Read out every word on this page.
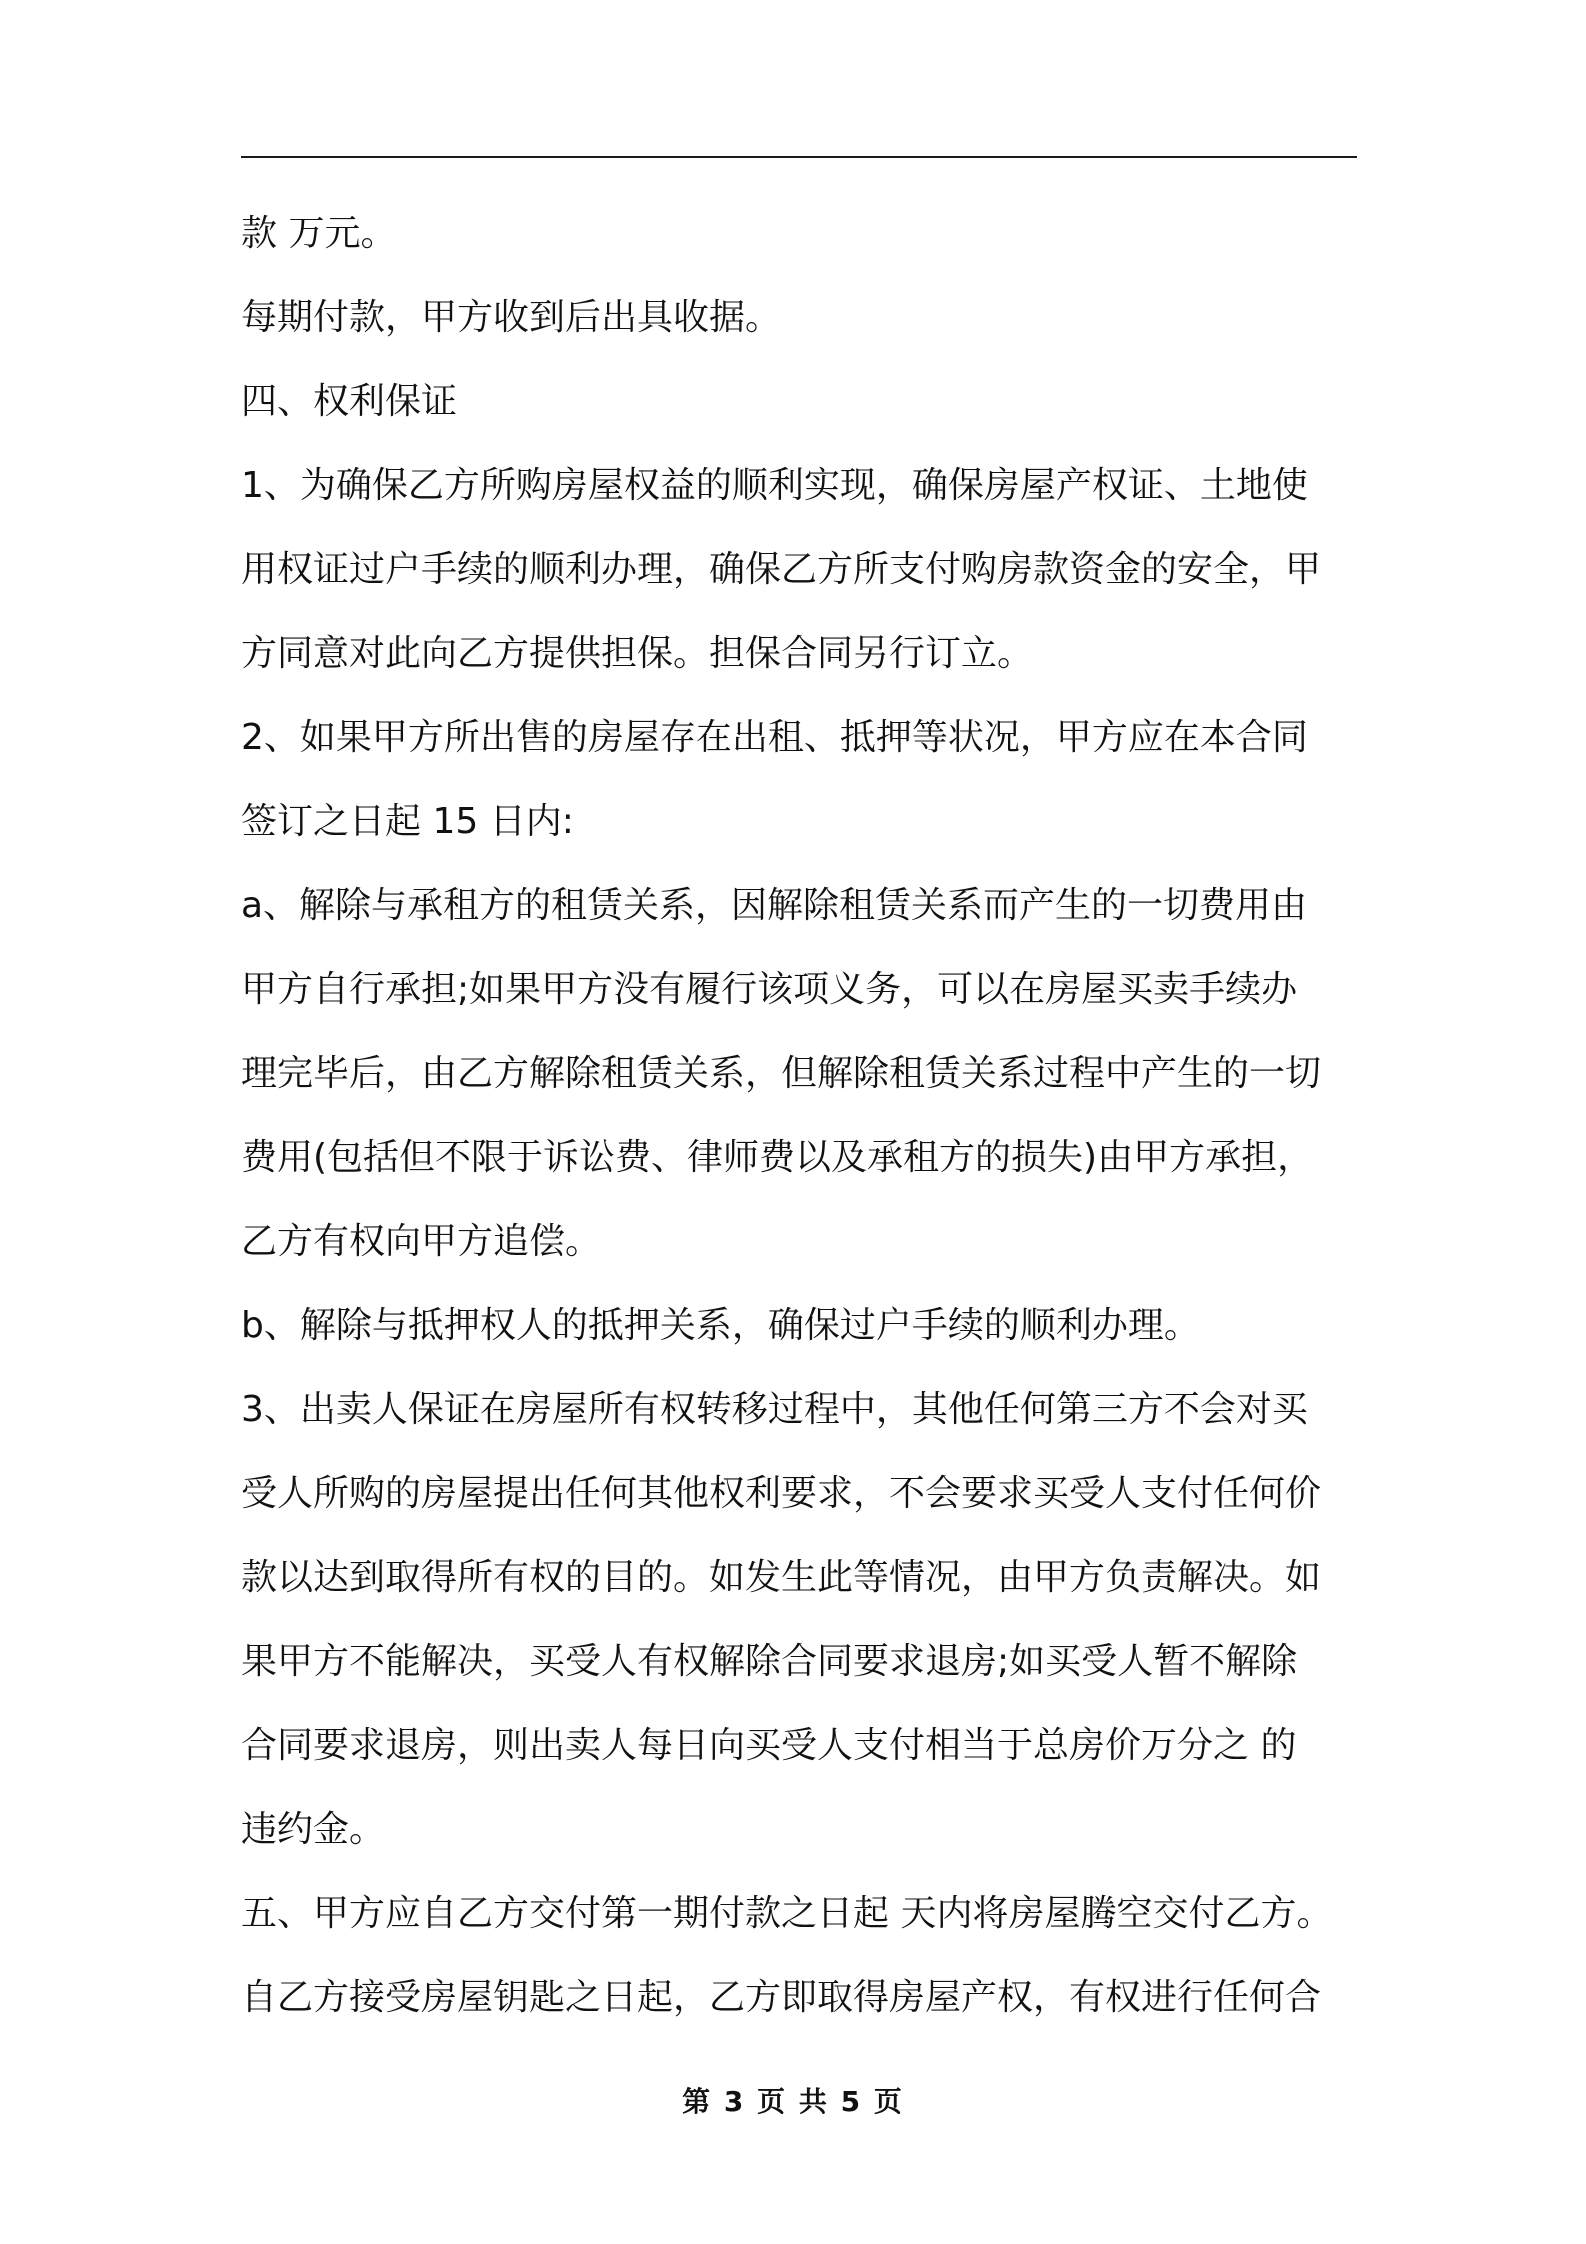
款 万元。
每期付款，甲方收到后出具收据。
四、权利保证
1、为确保乙方所购房屋权益的顺利实现，确保房屋产权证、土地使
用权证过户手续的顺利办理，确保乙方所支付购房款资金的安全，甲
方同意对此向乙方提供担保。担保合同另行订立。
2、如果甲方所出售的房屋存在出租、抵押等状况，甲方应在本合同
签订之日起 15 日内:
a、解除与承租方的租赁关系，因解除租赁关系而产生的一切费用由
甲方自行承担;如果甲方没有履行该项义务，可以在房屋买卖手续办
理完毕后，由乙方解除租赁关系，但解除租赁关系过程中产生的一切
费用(包括但不限于诉讼费、律师费以及承租方的损失)由甲方承担，
乙方有权向甲方追偿。
b、解除与抵押权人的抵押关系，确保过户手续的顺利办理。
3、出卖人保证在房屋所有权转移过程中，其他任何第三方不会对买
受人所购的房屋提出任何其他权利要求，不会要求买受人支付任何价
款以达到取得所有权的目的。如发生此等情况，由甲方负责解决。如
果甲方不能解决，买受人有权解除合同要求退房;如买受人暂不解除
合同要求退房，则出卖人每日向买受人支付相当于总房价万分之 的
违约金。
五、甲方应自乙方交付第一期付款之日起 天内将房屋腾空交付乙方。
自乙方接受房屋钥匙之日起，乙方即取得房屋产权，有权进行任何合
第 3 页 共 5 页
